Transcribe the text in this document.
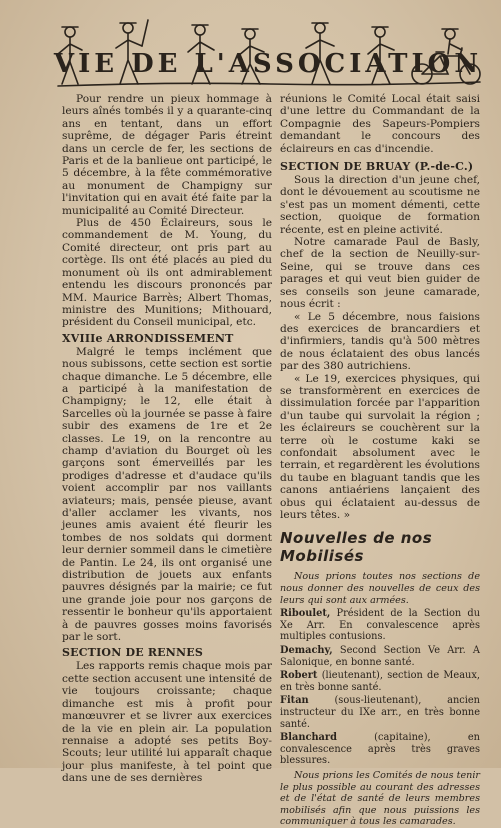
VIE DE L'ASSOCIATION

Pour rendre un pieux hommage à leurs aînés tombés il y a quarante-cinq ans en tentant, dans un effort suprême, de dégager Paris étreint dans un cercle de fer, les sections de Paris et de la banlieue ont participé, le 5 décembre, à la fête commémorative au monument de Champigny sur l'invitation qui en avait été faite par la municipalité au Comité Directeur.

Plus de 450 Éclaireurs, sous le commandement de M. Young, du Comité directeur, ont pris part au cortège. Ils ont été placés au pied du monument où ils ont admirablement entendu les discours prononcés par MM. Maurice Barrès; Albert Thomas, ministre des Munitions; Mithouard, président du Conseil municipal, etc.

XVIIIe ARRONDISSEMENT

Malgré le temps inclément que nous subissons, cette section est sortie chaque dimanche. Le 5 décembre, elle a participé à la manifestation de Champigny; le 12, elle était à Sarcelles où la journée se passe à faire subir des examens de 1re et 2e classes. Le 19, on la rencontre au champ d'aviation du Bourget où les garçons sont émerveillés par les prodiges d'adresse et d'audace qu'ils voient accomplir par nos vaillants aviateurs; mais, pensée pieuse, avant d'aller acclamer les vivants, nos jeunes amis avaient été fleurir les tombes de nos soldats qui dorment leur dernier sommeil dans le cimetière de Pantin. Le 24, ils ont organisé une distribution de jouets aux enfants pauvres désignés par la mairie; ce fut une grande joie pour nos garçons de ressentir le bonheur qu'ils apportaient à de pauvres gosses moins favorisés par le sort.

SECTION DE RENNES

Les rapports remis chaque mois par cette section accusent une intensité de vie toujours croissante; chaque dimanche est mis à profit pour manœuvrer et se livrer aux exercices de la vie en plein air. La population rennaise a adopté ses petits Boy-Scouts; leur utilité lui apparaît chaque jour plus manifeste, à tel point que dans une de ses dernières

réunions le Comité Local était saisi d'une lettre du Commandant de la Compagnie des Sapeurs-Pompiers demandant le concours des éclaireurs en cas d'incendie.

SECTION DE BRUAY (P.-de-C.)

Sous la direction d'un jeune chef, dont le dévouement au scoutisme ne s'est pas un moment démenti, cette section, quoique de formation récente, est en pleine activité.

Notre camarade Paul de Basly, chef de la section de Neuilly-sur-Seine, qui se trouve dans ces parages et qui veut bien guider de ses conseils son jeune camarade, nous écrit :

« Le 5 décembre, nous faisions des exercices de brancardiers et d'infirmiers, tandis qu'à 500 mètres de nous éclataient des obus lancés par des 380 autrichiens.

« Le 19, exercices physiques, qui se transformèrent en exercices de dissimulation forcée par l'apparition d'un taube qui survolait la région ; les éclaireurs se couchèrent sur la terre où le costume kaki se confondait absolument avec le terrain, et regardèrent les évolutions du taube en blaguant tandis que les canons antiaériens lançaient des obus qui éclataient au-dessus de leurs têtes. »

Nouvelles de nos Mobilisés

Nous prions toutes nos sections de nous donner des nouvelles de ceux des leurs qui sont aux armées.

Riboulet, Président de la Section du Xe Arr. En convalescence après multiples contusions.

Demachy, Second Section Ve Arr. A Salonique, en bonne santé.

Robert (lieutenant), section de Meaux, en très bonne santé.

Fitan	(sous-lieutenant), ancien instructeur du IXe arr., en très bonne santé.

Blanchard	(capitaine), en convalescence après très graves blessures.

Nous prions les Comités de nous tenir le plus possible au courant des adresses et de l'état de santé de leurs membres mobilisés afin que nous puissions les communiquer à tous les camarades.
